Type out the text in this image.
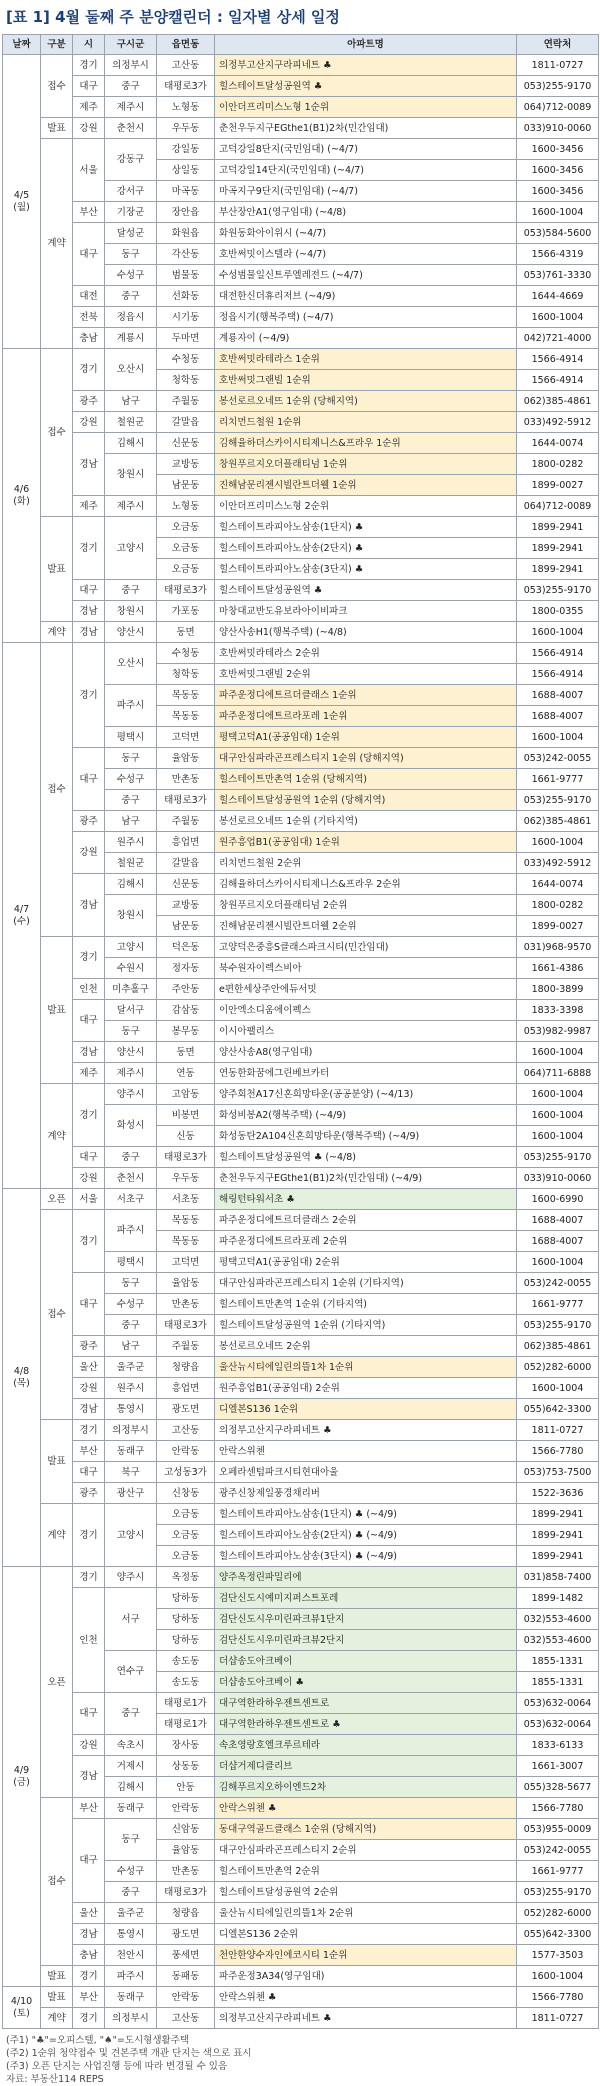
[표 1] 4월 둘째 주 분양캘린더 : 일자별 상세 일정
날짜	구분	시	구시군	읍면동	아파트명	연락처
4/5
(월)	접수	경기	의정부시	고산동	의정부고산지구라피네트 ♣	1811-0727
		대구	중구	태평로3가	힐스테이트달성공원역 ♣	053)255-9170
		제주	제주시	노형동	이안더프리미스노형 1순위	064)712-0089
	발표	강원	춘천시	우두동	춘천우두지구EGthe1(B1)2차(민간임대)	033)910-0060
	계약	서울	강동구	강일동	고덕강일8단지(국민임대) (~4/7)	1600-3456
				상일동	고덕강일14단지(국민임대) (~4/7)	1600-3456
			강서구	마곡동	마곡지구9단지(국민임대) (~4/7)	1600-3456
		부산	기장군	장안읍	부산장안A1(영구임대) (~4/8)	1600-1004
		대구	달성군	화원읍	화원동화아이위시 (~4/7)	053)584-5600
			동구	각산동	호반써밋이스텔라 (~4/7)	1566-4319
			수성구	범물동	수성범물일신트루엘레전드 (~4/7)	053)761-3330
		대전	중구	선화동	대전한신더휴리저브 (~4/9)	1644-4669
		전북	정읍시	시기동	정읍시기(행복주택) (~4/7)	1600-1004
		충남	계룡시	두마면	계룡자이 (~4/9)	042)721-4000
4/6
(화)	접수	경기	오산시	수청동	호반써밋라테라스 1순위	1566-4914
				청학동	호반써밋그랜빌 1순위	1566-4914
		광주	남구	주월동	봉선로르오네뜨 1순위 (당해지역)	062)385-4861
		강원	철원군	갈말읍	리치먼드철원 1순위	033)492-5912
		경남	김해시	신문동	김해율하더스카이시티제니스&프라우 1순위	1644-0074
			창원시	교방동	창원푸르지오더플래티넘 1순위	1800-0282
				남문동	진해남문리젠시빌란트더웰 1순위	1899-0027
		제주	제주시	노형동	이안더프리미스노형 2순위	064)712-0089
	발표	경기	고양시	오금동	힐스테이트라피아노삼송(1단지) ♣	1899-2941
				오금동	힐스테이트라피아노삼송(2단지) ♣	1899-2941
				오금동	힐스테이트라피아노삼송(3단지) ♣	1899-2941
		대구	중구	태평로3가	힐스테이트달성공원역 ♣	053)255-9170
		경남	창원시	가포동	마창대교반도유보라아이비파크	1800-0355
	계약	경남	양산시	동면	양산사송H1(행복주택) (~4/8)	1600-1004
4/7
(수)	접수	경기	오산시	수청동	호반써밋라테라스 2순위	1566-4914
				청학동	호반써밋그랜빌 2순위	1566-4914
			파주시	목동동	파주운정디에트르더클래스 1순위	1688-4007
				목동동	파주운정디에트르라포레 1순위	1688-4007
			평택시	고덕면	평택고덕A1(공공임대) 1순위	1600-1004
		대구	동구	율암동	대구안심파라곤프레스티지 1순위 (당해지역)	053)242-0055
			수성구	만촌동	힐스테이트만촌역 1순위 (당해지역)	1661-9777
			중구	태평로3가	힐스테이트달성공원역 1순위 (당해지역)	053)255-9170
		광주	남구	주월동	봉선로르오네뜨 1순위 (기타지역)	062)385-4861
		강원	원주시	흥업면	원주흥업B1(공공임대) 1순위	1600-1004
			철원군	갈말읍	리치먼드철원 2순위	033)492-5912
		경남	김해시	신문동	김해율하더스카이시티제니스&프라우 2순위	1644-0074
			창원시	교방동	창원푸르지오더플래티넘 2순위	1800-0282
				남문동	진해남문리젠시빌란트더웰 2순위	1899-0027
	발표	경기	고양시	덕은동	고양덕은중흥S클래스파크시티(민간임대)	031)968-9570
			수원시	정자동	북수원자이렉스비아	1661-4386
		인천	미추홀구	주안동	e편한세상주안에듀서밋	1800-3899
		대구	달서구	감삼동	이안엑소디움에이펙스	1833-3398
			동구	봉무동	이시아팰리스	053)982-9987
		경남	양산시	동면	양산사송A8(영구임대)	1600-1004
		제주	제주시	연동	연동한화꿈에그린베브카터	064)711-6888
	계약	경기	양주시	고암동	양주회천A17신혼희망타운(공공분양) (~4/13)	1600-1004
			화성시	비봉면	화성비봉A2(행복주택) (~4/9)	1600-1004
				신동	화성동탄2A104신혼희망타운(행복주택) (~4/9)	1600-1004
		대구	중구	태평로3가	힐스테이트달성공원역 ♣ (~4/8)	053)255-9170
		강원	춘천시	우두동	춘천우두지구EGthe1(B1)2차(민간임대) (~4/9)	033)910-0060
4/8
(목)	오픈	서울	서초구	서초동	해링턴타워서초 ♣	1600-6990
	접수	경기	파주시	목동동	파주운정디에트르더클래스 2순위	1688-4007
				목동동	파주운정디에트르라포레 2순위	1688-4007
			평택시	고덕면	평택고덕A1(공공임대) 2순위	1600-1004
		대구	동구	율암동	대구안심파라곤프레스티지 1순위 (기타지역)	053)242-0055
			수성구	만촌동	힐스테이트만촌역 1순위 (기타지역)	1661-9777
			중구	태평로3가	힐스테이트달성공원역 1순위 (기타지역)	053)255-9170
		광주	남구	주월동	봉선로르오네뜨 2순위	062)385-4861
		울산	울주군	청량읍	울산뉴시티에일린의뜰1차 1순위	052)282-6000
		강원	원주시	흥업면	원주흥업B1(공공임대) 2순위	1600-1004
		경남	통영시	광도면	디엘본S136 1순위	055)642-3300
	발표	경기	의정부시	고산동	의정부고산지구라피네트 ♣	1811-0727
		부산	동래구	안락동	안락스위첸	1566-7780
		대구	북구	고성동3가	오페라센텀파크시티현대아울	053)753-7500
		광주	광산구	신창동	광주신창제일풍경채리버	1522-3636
	계약	경기	고양시	오금동	힐스테이트라피아노삼송(1단지) ♣ (~4/9)	1899-2941
				오금동	힐스테이트라피아노삼송(2단지) ♣ (~4/9)	1899-2941
				오금동	힐스테이트라피아노삼송(3단지) ♣ (~4/9)	1899-2941
4/9
(금)	오픈	경기	양주시	옥정동	양주옥정린파밀리에	031)858-7400
		인천	서구	당하동	검단신도시예미지퍼스트포레	1899-1482
				당하동	검단신도시우미린파크뷰1단지	032)553-4600
				당하동	검단신도시우미린파크뷰2단지	032)553-4600
			연수구	송도동	더샵송도아크베이	1855-1331
				송도동	더샵송도아크베이 ♣	1855-1331
		대구	중구	태평로1가	대구역한라하우젠트센트로	053)632-0064
				태평로1가	대구역한라하우젠트센트로 ♣	053)632-0064
		강원	속초시	장사동	속초영랑호엘크루르테라	1833-6133
		경남	거제시	상동동	더샵거제디클리브	1661-3007
			김해시	안동	김해푸르지오하이엔드2차	055)328-5677
	접수	부산	동래구	안락동	안락스위첸 ♣	1566-7780
		대구	동구	신암동	동대구역골드클래스 1순위 (당해지역)	053)955-0009
				율암동	대구안심파라곤프레스티지 2순위	053)242-0055
			수성구	만촌동	힐스테이트만촌역 2순위	1661-9777
			중구	태평로3가	힐스테이트달성공원역 2순위	053)255-9170
		울산	울주군	청량읍	울산뉴시티에일린의뜰1차 2순위	052)282-6000
		경남	통영시	광도면	디엘본S136 2순위	055)642-3300
		충남	천안시	풍세면	천안한양수자인에코시티 1순위	1577-3503
	발표	경기	파주시	동패동	파주운정3A34(영구임대)	1600-1004
4/10
(토)	발표	부산	동래구	안락동	안락스위첸 ♣	1566-7780
	계약	경기	의정부시	고산동	의정부고산지구라피네트 ♣	1811-0727
(주1) "♣"=오피스텔, "♠"=도시형생활주택
(주2) 1순위 청약접수 및 견본주택 개관 단지는 색으로 표시
(주3) 오픈 단지는 사업진행 등에 따라 변경될 수 있음
자료: 부동산114 REPS
